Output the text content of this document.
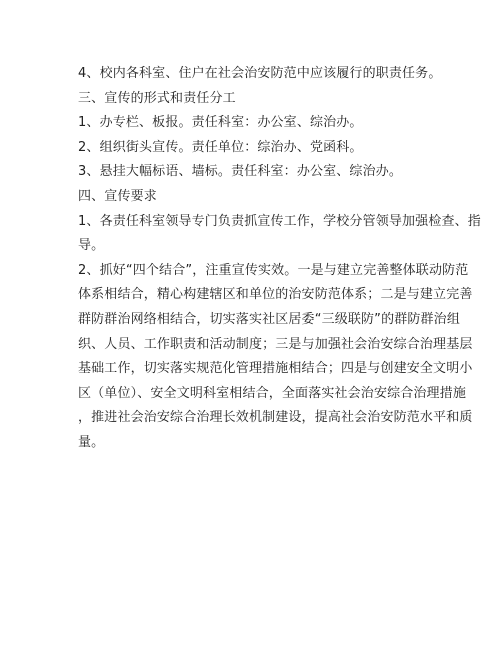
4、校内各科室、住户在社会治安防范中应该履行的职责任务。
三、宣传的形式和责任分工
1、办专栏、板报。责任科室：办公室、综治办。
2、组织街头宣传。责任单位：综治办、党函科。
3、悬挂大幅标语、墙标。责任科室：办公室、综治办。
四、宣传要求
1、各责任科室领导专门负责抓宣传工作，学校分管领导加强检查、指
导。
2、抓好“四个结合”，注重宣传实效。一是与建立完善整体联动防范
体系相结合，精心构建辖区和单位的治安防范体系；二是与建立完善
群防群治网络相结合，切实落实社区居委“三级联防”的群防群治组
织、人员、工作职责和活动制度；三是与加强社会治安综合治理基层
基础工作，切实落实规范化管理措施相结合；四是与创建安全文明小
区（单位）、安全文明科室相结合，全面落实社会治安综合治理措施
，推进社会治安综合治理长效机制建设，提高社会治安防范水平和质
量。
